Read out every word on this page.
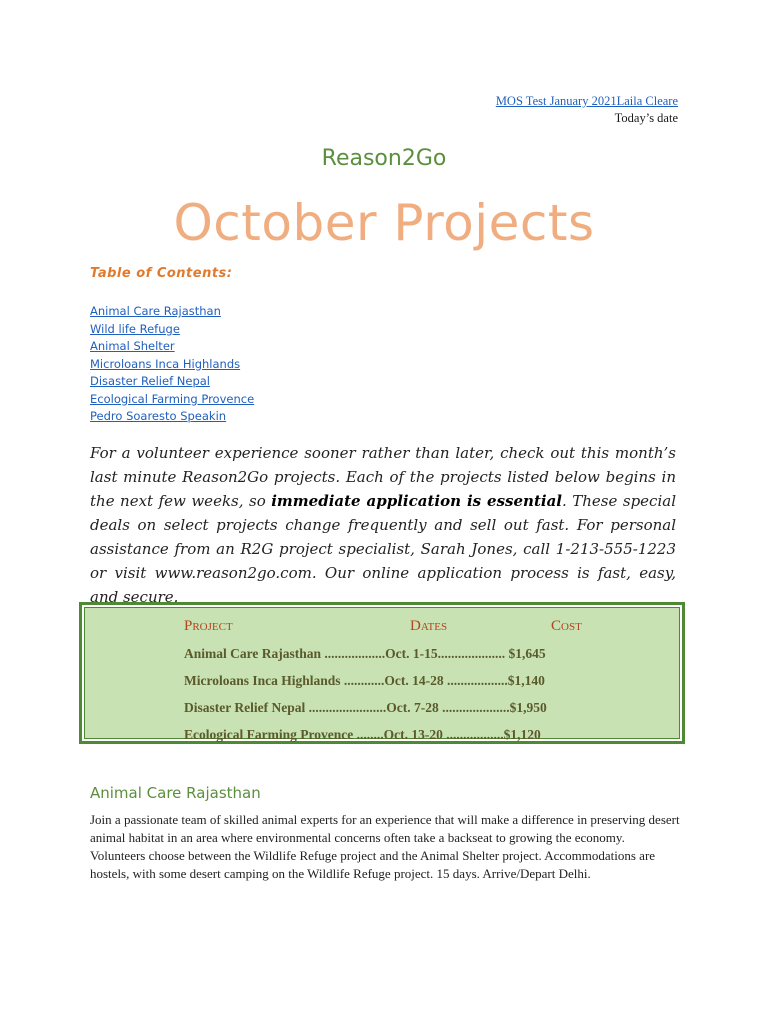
MOS Test January 2021Laila Cleare
Today’s date
Reason2Go
October Projects
Table of Contents:
Animal Care Rajasthan
Wild life Refuge
Animal Shelter
Microloans Inca Highlands
Disaster Relief Nepal
Ecological Farming Provence
Pedro Soaresto Speakin

For a volunteer experience sooner rather than later, check out this month’s last minute Reason2Go projects. Each of the projects listed below begins in the next few weeks, so immediate application is essential. These special deals on select projects change frequently and sell out fast. For personal assistance from an R2G project specialist, Sarah Jones, call 1-213-555-1223 or visit www.reason2go.com. Our online application process is fast, easy, and secure.

Project	Dates	Cost
Animal Care Rajasthan ..................Oct. 1-15.................... $1,645
Microloans Inca Highlands ............Oct. 14-28 ..................$1,140
Disaster Relief Nepal .......................Oct. 7-28 ....................$1,950
Ecological Farming Provence ........Oct. 13-20 .................$1,120
Animal Care Rajasthan

Join a passionate team of skilled animal experts for an experience that will make a difference in preserving desert animal habitat in an area where environmental concerns often take a backseat to growing the economy. Volunteers choose between the Wildlife Refuge project and the Animal Shelter project. Accommodations are hostels, with some desert camping on the Wildlife Refuge project. 15 days. Arrive/Depart Delhi.
